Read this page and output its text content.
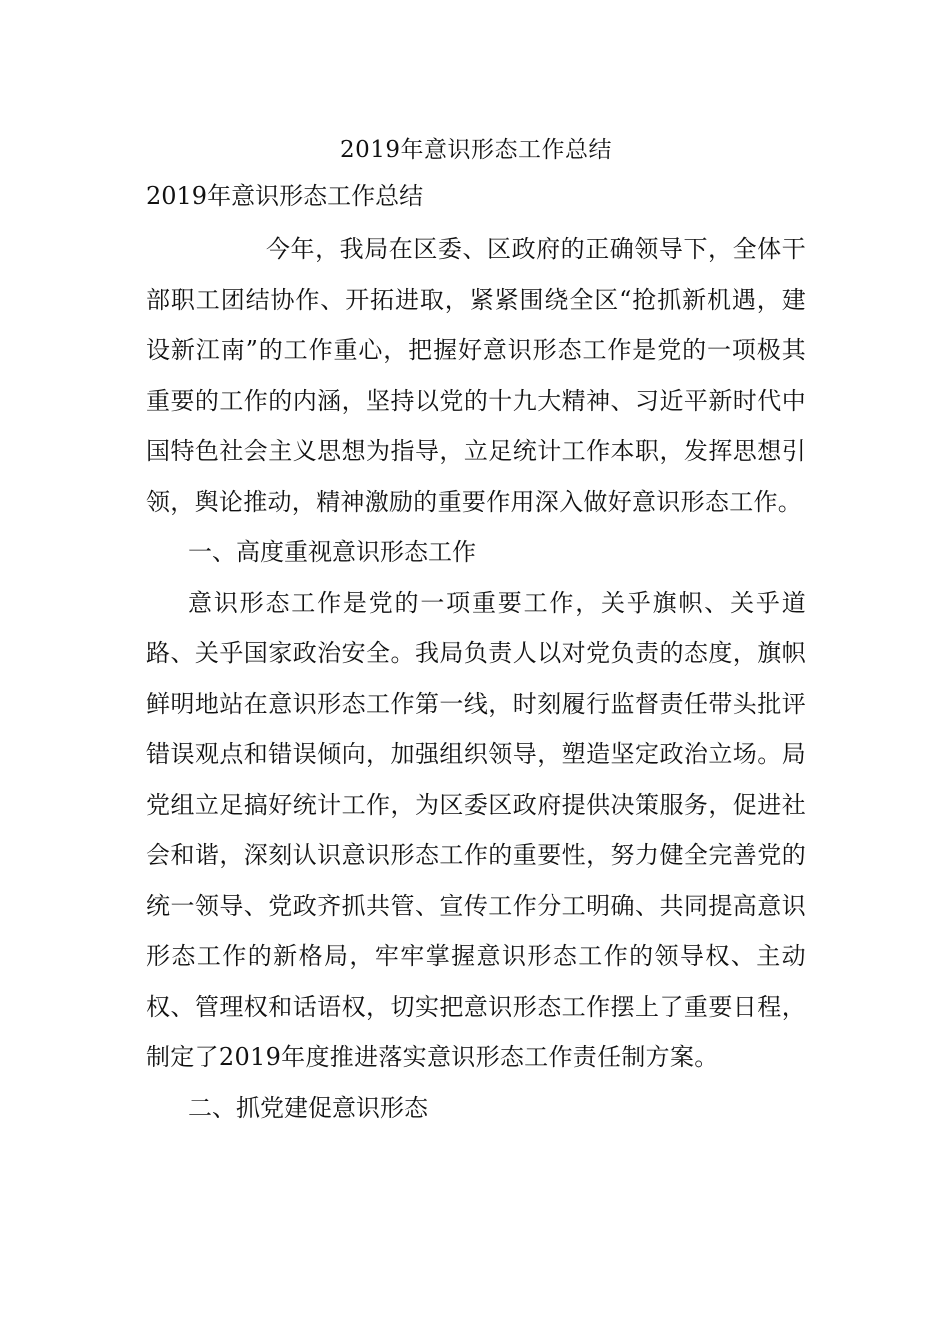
2019年意识形态工作总结
2019年意识形态工作总结

今年，我局在区委、区政府的正确领导下，全体干部职工团结协作、开拓进取，紧紧围绕全区“抢抓新机遇，建设新江南”的工作重心，把握好意识形态工作是党的一项极其重要的工作的内涵，坚持以党的十九大精神、习近平新时代中国特色社会主义思想为指导，立足统计工作本职，发挥思想引领，舆论推动，精神激励的重要作用深入做好意识形态工作。

一、高度重视意识形态工作

意识形态工作是党的一项重要工作，关乎旗帜、关乎道路、关乎国家政治安全。我局负责人以对党负责的态度，旗帜鲜明地站在意识形态工作第一线，时刻履行监督责任带头批评错误观点和错误倾向，加强组织领导，塑造坚定政治立场。局党组立足搞好统计工作，为区委区政府提供决策服务，促进社会和谐，深刻认识意识形态工作的重要性，努力健全完善党的统一领导、党政齐抓共管、宣传工作分工明确、共同提高意识形态工作的新格局，牢牢掌握意识形态工作的领导权、主动权、管理权和话语权，切实把意识形态工作摆上了重要日程，制定了2019年度推进落实意识形态工作责任制方案。

二、抓党建促意识形态
